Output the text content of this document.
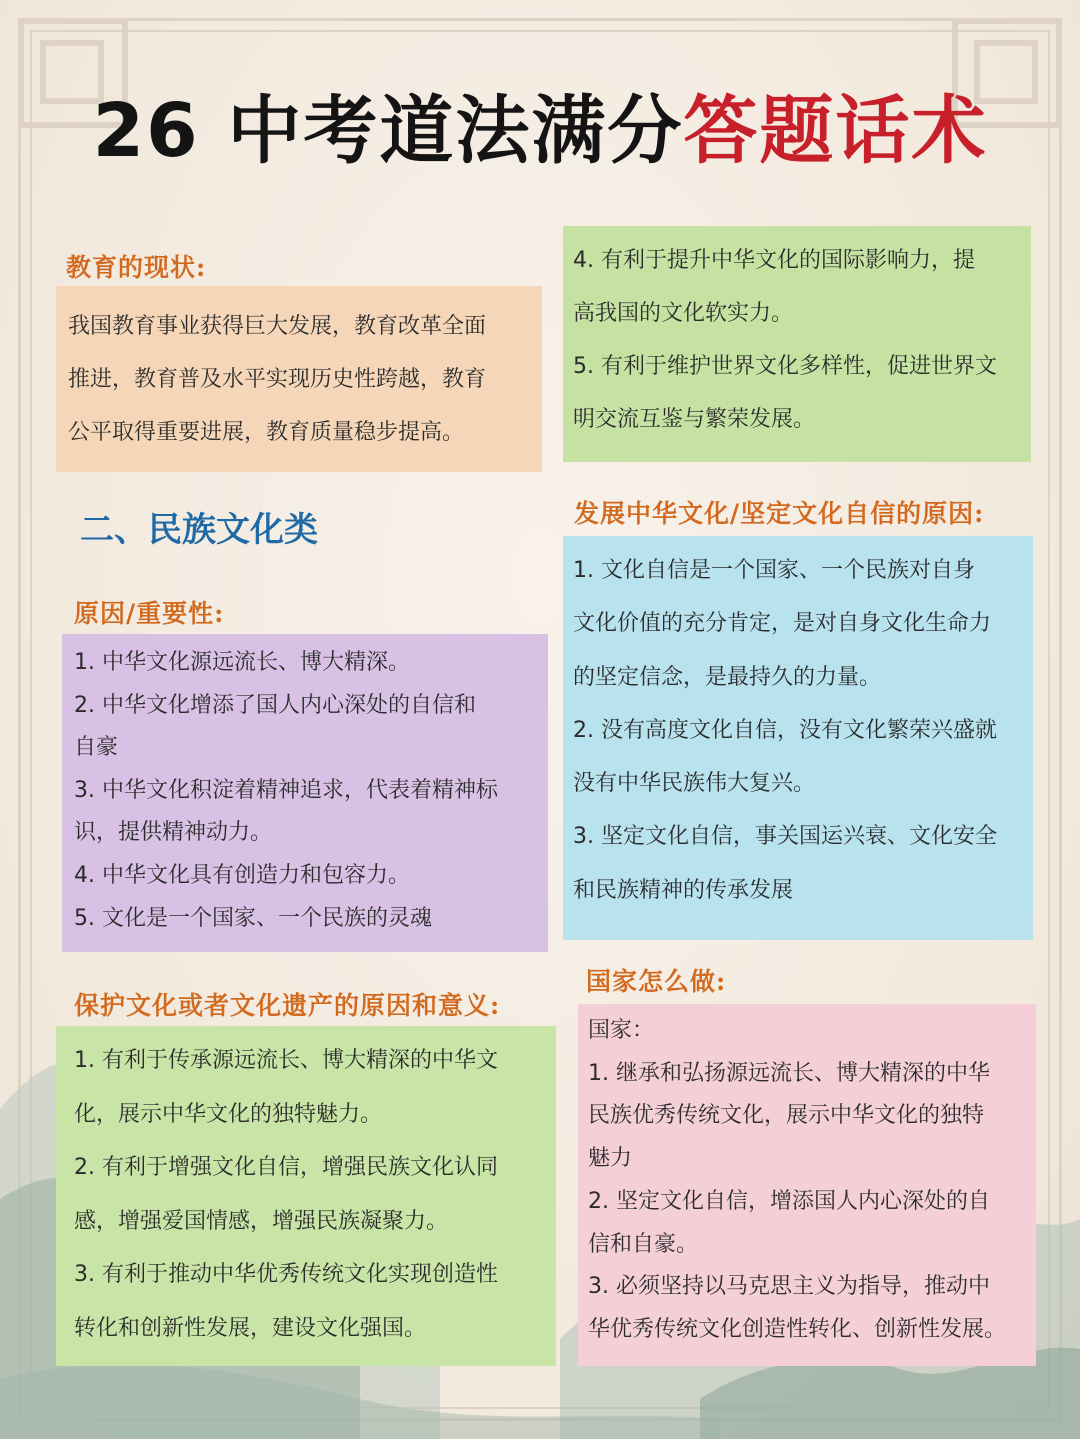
26 中考道法满分答题话术
教育的现状:
我国教育事业获得巨大发展，教育改革全面
推进，教育普及水平实现历史性跨越，教育
公平取得重要进展，教育质量稳步提高。
二、民族文化类
原因/重要性:
1. 中华文化源远流长、博大精深。
2. 中华文化增添了国人内心深处的自信和
自豪
3. 中华文化积淀着精神追求，代表着精神标
识，提供精神动力。
4. 中华文化具有创造力和包容力。
5. 文化是一个国家、一个民族的灵魂
保护文化或者文化遗产的原因和意义:
1. 有利于传承源远流长、博大精深的中华文
化，展示中华文化的独特魅力。
2. 有利于增强文化自信，增强民族文化认同
感，增强爱国情感，增强民族凝聚力。
3. 有利于推动中华优秀传统文化实现创造性
转化和创新性发展，建设文化强国。
4. 有利于提升中华文化的国际影响力，提
高我国的文化软实力。
5. 有利于维护世界文化多样性，促进世界文
明交流互鉴与繁荣发展。
发展中华文化/坚定文化自信的原因:
1. 文化自信是一个国家、一个民族对自身
文化价值的充分肯定，是对自身文化生命力
的坚定信念，是最持久的力量。
2. 没有高度文化自信，没有文化繁荣兴盛就
没有中华民族伟大复兴。
3. 坚定文化自信，事关国运兴衰、文化安全
和民族精神的传承发展
国家怎么做:
国家：
1. 继承和弘扬源远流长、博大精深的中华
民族优秀传统文化，展示中华文化的独特
魅力
2. 坚定文化自信，增添国人内心深处的自
信和自豪。
3. 必须坚持以马克思主义为指导，推动中
华优秀传统文化创造性转化、创新性发展。
